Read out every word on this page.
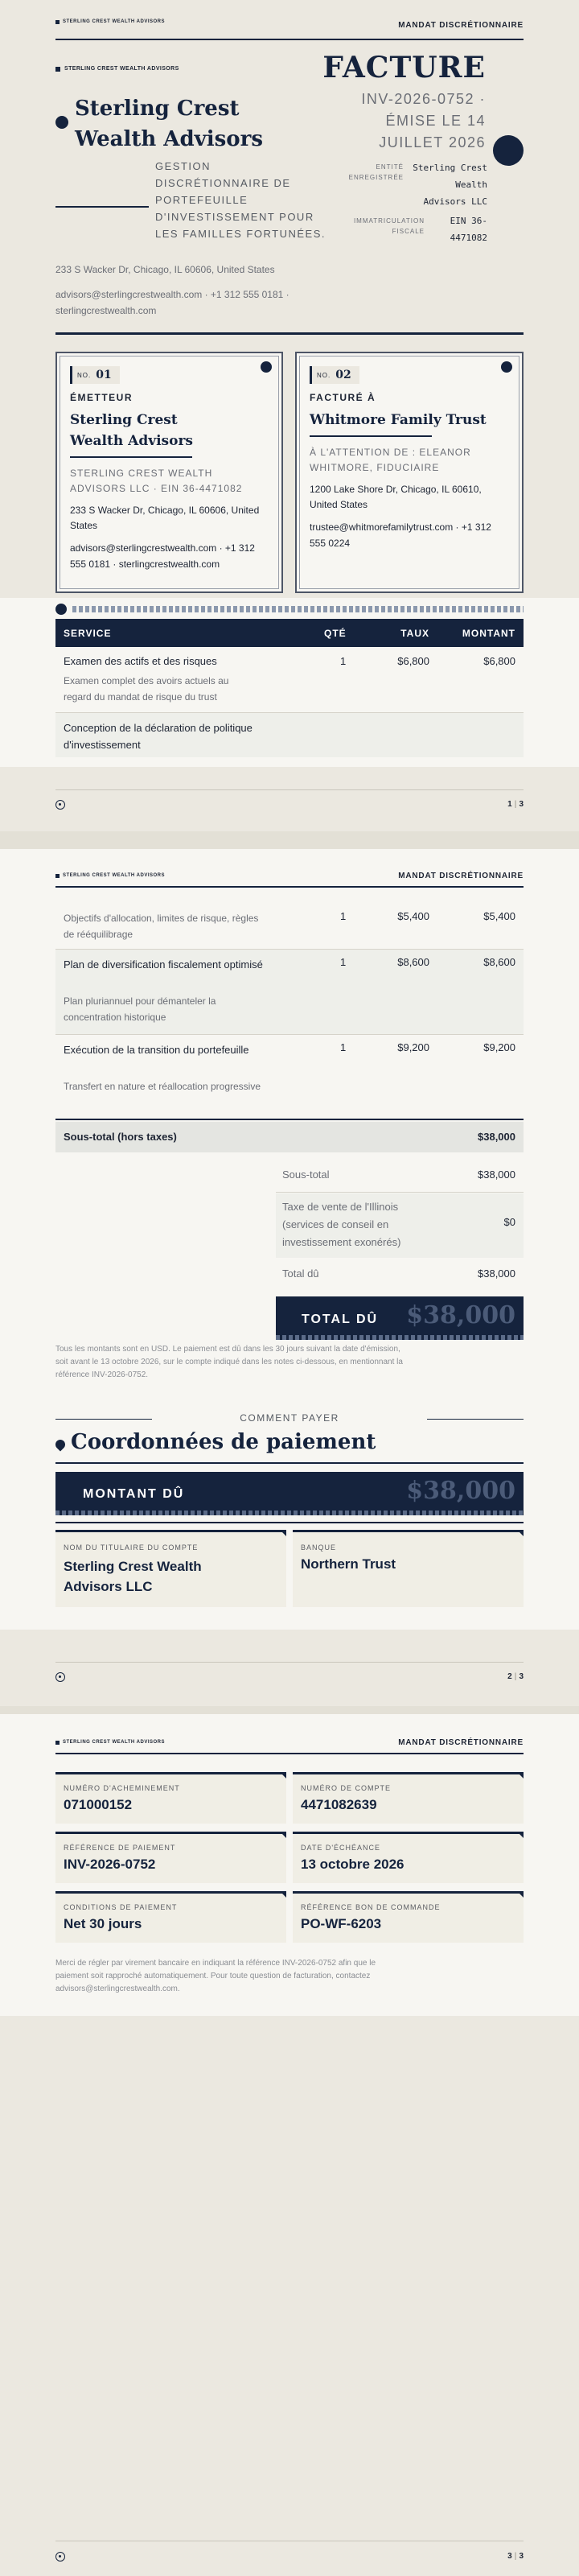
STERLING CREST WEALTH ADVISORS	MANDAT DISCRÉTIONNAIRE
STERLING CREST WEALTH ADVISORS
Sterling Crest
Wealth Advisors
GESTION DISCRÉTIONNAIRE DE PORTEFEUILLE D'INVESTISSEMENT POUR LES FAMILLES FORTUNÉES.
233 S Wacker Dr, Chicago, IL 60606, United States
advisors@sterlingcrestwealth.com · +1 312 555 0181 · sterlingcrestwealth.com
FACTURE
INV-2026-0752 · ÉMISE LE 14 JUILLET 2026
ENTITÉ ENREGISTRÉE
Sterling Crest Wealth Advisors LLC
IMMATRICULATION FISCALE
EIN 36-4471082
NO. 01
ÉMETTEUR
Sterling Crest Wealth Advisors
STERLING CREST WEALTH ADVISORS LLC · EIN 36-4471082
233 S Wacker Dr, Chicago, IL 60606, United States
advisors@sterlingcrestwealth.com · +1 312 555 0181 · sterlingcrestwealth.com
NO. 02
FACTURÉ À
Whitmore Family Trust
À L'ATTENTION DE : ELEANOR WHITMORE, FIDUCIAIRE
1200 Lake Shore Dr, Chicago, IL 60610, United States
trustee@whitmorefamilytrust.com · +1 312 555 0224
SERVICE	QTÉ	TAUX	MONTANT
Examen des actifs et des risques
Examen complet des avoirs actuels au regard du mandat de risque du trust
1	$6,800	$6,800
Conception de la déclaration de politique d'investissement
1 | 3
STERLING CREST WEALTH ADVISORS	MANDAT DISCRÉTIONNAIRE
Objectifs d'allocation, limites de risque, règles de rééquilibrage
1	$5,400	$5,400
Plan de diversification fiscalement optimisé
Plan pluriannuel pour démanteler la concentration historique
1	$8,600	$8,600
Exécution de la transition du portefeuille
Transfert en nature et réallocation progressive
1	$9,200	$9,200
Sous-total (hors taxes)	$38,000
Sous-total	$38,000
Taxe de vente de l'Illinois (services de conseil en investissement exonérés)
$0
Total dû	$38,000
TOTAL DÛ $38,000
Tous les montants sont en USD. Le paiement est dû dans les 30 jours suivant la date d'émission, soit avant le 13 octobre 2026, sur le compte indiqué dans les notes ci-dessous, en mentionnant la référence INV-2026-0752.
COMMENT PAYER
Coordonnées de paiement
MONTANT DÛ	$38,000
NOM DU TITULAIRE DU COMPTE
Sterling Crest Wealth Advisors LLC
BANQUE
Northern Trust
2 | 3
STERLING CREST WEALTH ADVISORS	MANDAT DISCRÉTIONNAIRE
NUMÉRO D'ACHEMINEMENT
071000152
NUMÉRO DE COMPTE
4471082639
RÉFÉRENCE DE PAIEMENT
INV-2026-0752
DATE D'ÉCHÉANCE
13 octobre 2026
CONDITIONS DE PAIEMENT
Net 30 jours
RÉFÉRENCE BON DE COMMANDE
PO-WF-6203
Merci de régler par virement bancaire en indiquant la référence INV-2026-0752 afin que le paiement soit rapproché automatiquement. Pour toute question de facturation, contactez advisors@sterlingcrestwealth.com.
3 | 3
